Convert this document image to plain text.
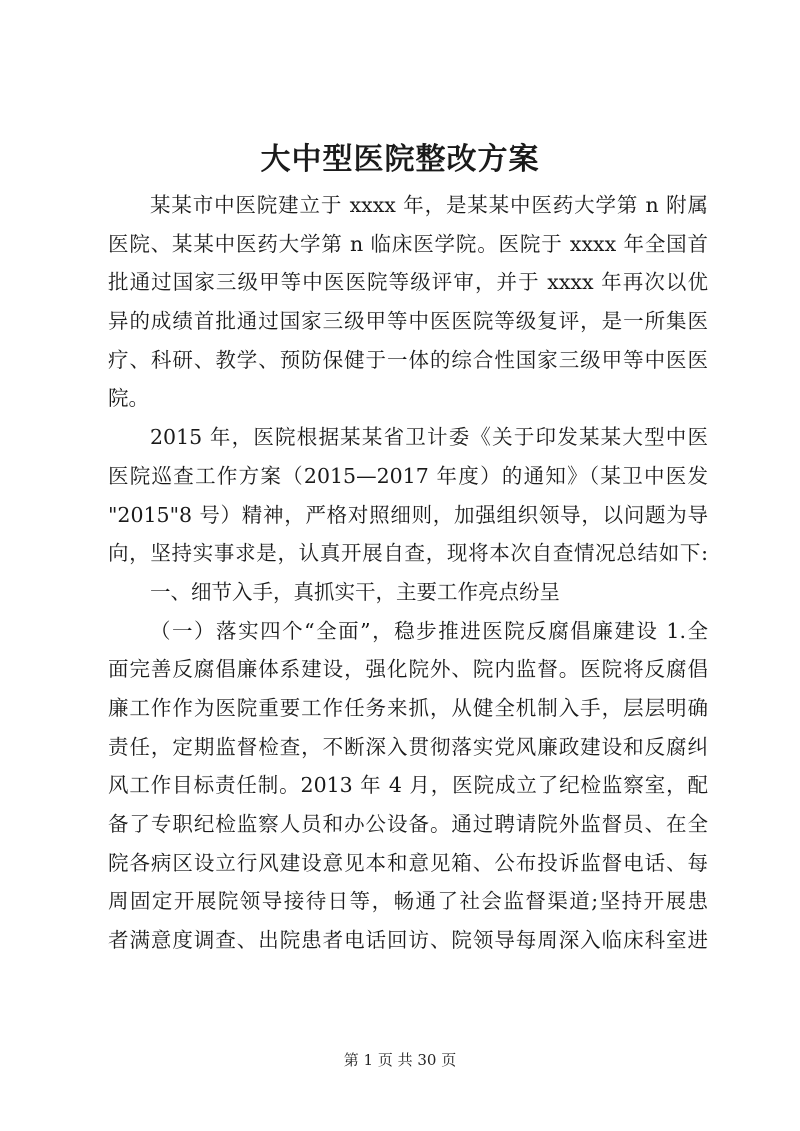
大中型医院整改方案
某某市中医院建立于 xxxx 年，是某某中医药大学第 n 附属
医院、某某中医药大学第 n 临床医学院。医院于 xxxx 年全国首
批通过国家三级甲等中医医院等级评审，并于 xxxx 年再次以优
异的成绩首批通过国家三级甲等中医医院等级复评，是一所集医
疗、科研、教学、预防保健于一体的综合性国家三级甲等中医医
院。
2015 年，医院根据某某省卫计委《关于印发某某大型中医
医院巡查工作方案（2015—2017 年度）的通知》（某卫中医发
"2015"8 号）精神，严格对照细则，加强组织领导，以问题为导
向，坚持实事求是，认真开展自查，现将本次自查情况总结如下:
一、细节入手，真抓实干，主要工作亮点纷呈
（一）落实四个“全面”，稳步推进医院反腐倡廉建设 1.全
面完善反腐倡廉体系建设，强化院外、院内监督。医院将反腐倡
廉工作作为医院重要工作任务来抓，从健全机制入手，层层明确
责任，定期监督检查，不断深入贯彻落实党风廉政建设和反腐纠
风工作目标责任制。2013 年 4 月，医院成立了纪检监察室，配
备了专职纪检监察人员和办公设备。通过聘请院外监督员、在全
院各病区设立行风建设意见本和意见箱、公布投诉监督电话、每
周固定开展院领导接待日等，畅通了社会监督渠道;坚持开展患
者满意度调查、出院患者电话回访、院领导每周深入临床科室进
第 1 页 共 30 页
